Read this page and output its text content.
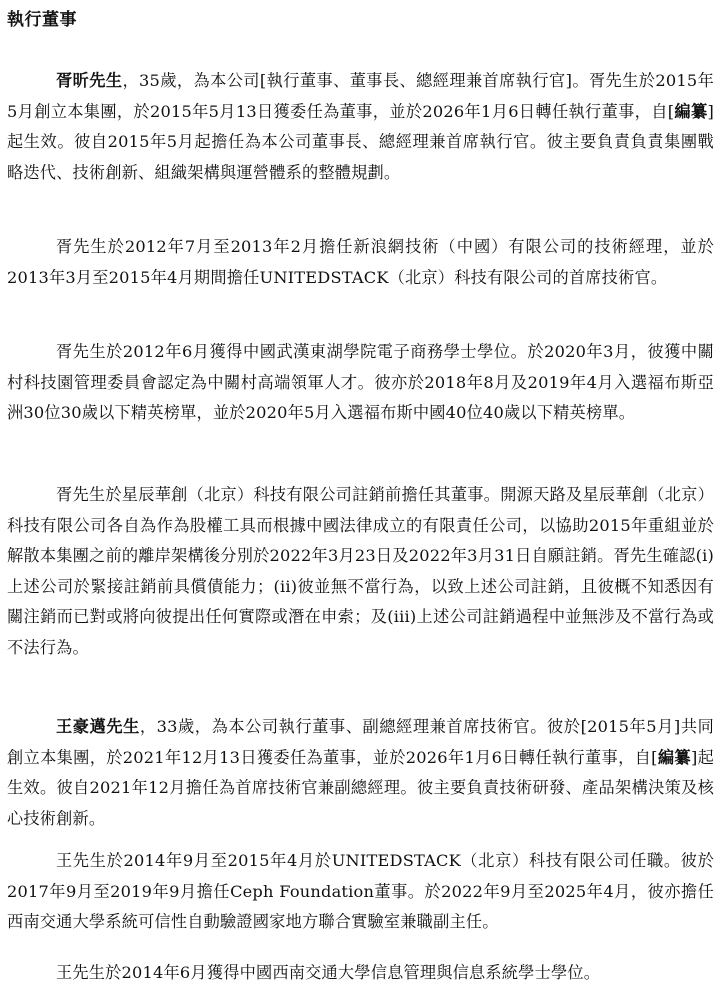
執行董事

胥昕先生，35歲，為本公司[執行董事、董事長、總經理兼首席執行官]。胥先生於2015年5月創立本集團，於2015年5月13日獲委任為董事，並於2026年1月6日轉任執行董事，自[編纂]起生效。彼自2015年5月起擔任為本公司董事長、總經理兼首席執行官。彼主要負責負責集團戰略迭代、技術創新、組織架構與運營體系的整體規劃。

胥先生於2012年7月至2013年2月擔任新浪網技術（中國）有限公司的技術經理，並於2013年3月至2015年4月期間擔任UNITEDSTACK（北京）科技有限公司的首席技術官。

胥先生於2012年6月獲得中國武漢東湖學院電子商務學士學位。於2020年3月，彼獲中關村科技園管理委員會認定為中關村高端領軍人才。彼亦於2018年8月及2019年4月入選福布斯亞洲30位30歲以下精英榜單，並於2020年5月入選福布斯中國40位40歲以下精英榜單。

胥先生於星辰華創（北京）科技有限公司註銷前擔任其董事。開源天路及星辰華創（北京）科技有限公司各自為作為股權工具而根據中國法律成立的有限責任公司，以協助2015年重組並於解散本集團之前的離岸架構後分別於2022年3月23日及2022年3月31日自願註銷。胥先生確認(i)上述公司於緊接註銷前具償債能力；(ii)彼並無不當行為，以致上述公司註銷，且彼概不知悉因有關注銷而已對或將向彼提出任何實際或潛在申索；及(iii)上述公司註銷過程中並無涉及不當行為或不法行為。

王豪邁先生，33歲，為本公司執行董事、副總經理兼首席技術官。彼於[2015年5月]共同創立本集團，於2021年12月13日獲委任為董事，並於2026年1月6日轉任執行董事，自[編纂]起生效。彼自2021年12月擔任為首席技術官兼副總經理。彼主要負責技術研發、產品架構決策及核心技術創新。

王先生於2014年9月至2015年4月於UNITEDSTACK（北京）科技有限公司任職。彼於2017年9月至2019年9月擔任Ceph Foundation董事。於2022年9月至2025年4月，彼亦擔任西南交通大學系統可信性自動驗證國家地方聯合實驗室兼職副主任。

王先生於2014年6月獲得中國西南交通大學信息管理與信息系統學士學位。
